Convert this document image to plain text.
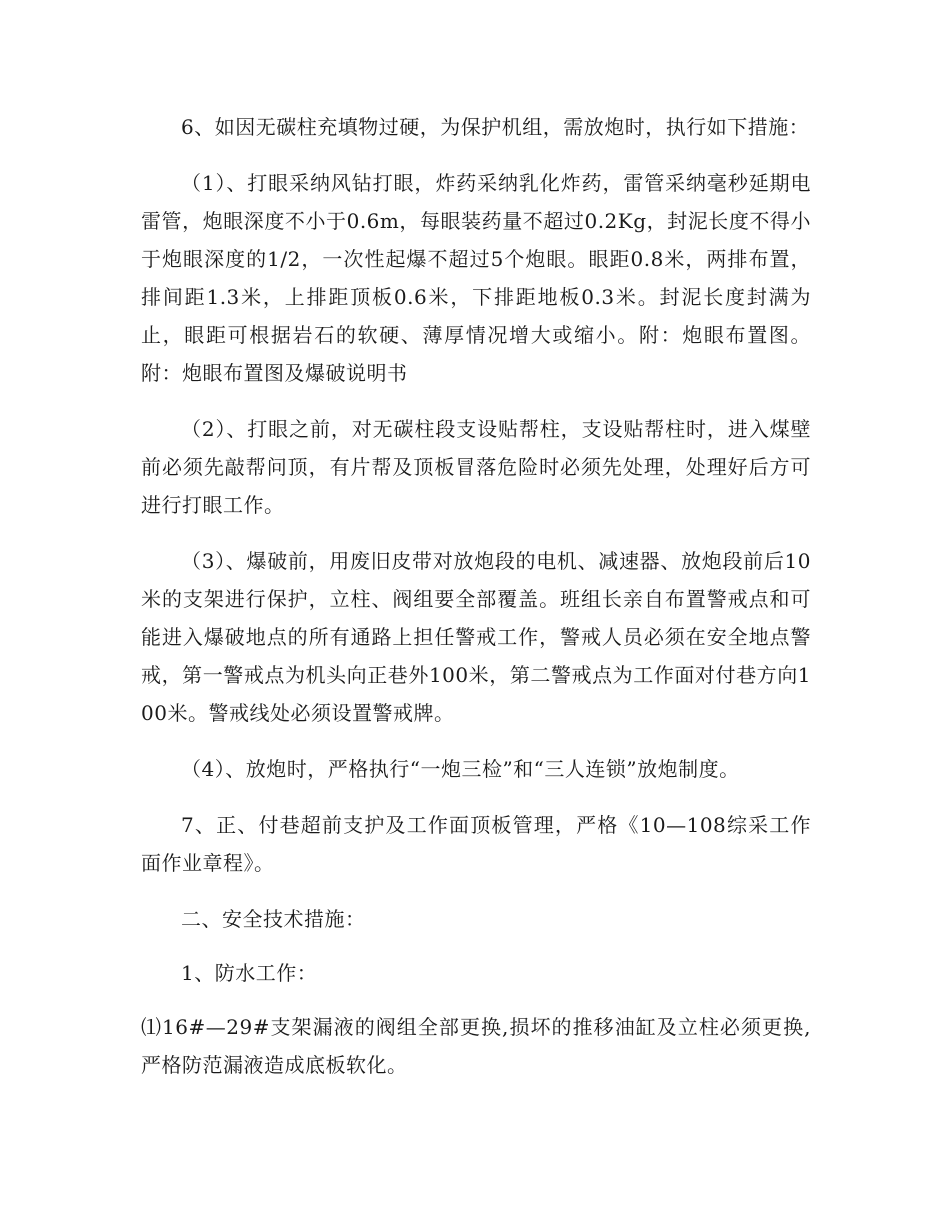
6、如因无碳柱充填物过硬，为保护机组，需放炮时，执行如下措施：

（1）、打眼采纳风钻打眼，炸药采纳乳化炸药，雷管采纳毫秒延期电雷管，炮眼深度不小于0.6m，每眼装药量不超过0.2Kg，封泥长度不得小于炮眼深度的1/2，一次性起爆不超过5个炮眼。眼距0.8米，两排布置，排间距1.3米，上排距顶板0.6米，下排距地板0.3米。封泥长度封满为止，眼距可根据岩石的软硬、薄厚情况增大或缩小。附：炮眼布置图。附：炮眼布置图及爆破说明书

（2）、打眼之前，对无碳柱段支设贴帮柱，支设贴帮柱时，进入煤壁前必须先敲帮问顶，有片帮及顶板冒落危险时必须先处理，处理好后方可进行打眼工作。

（3）、爆破前，用废旧皮带对放炮段的电机、减速器、放炮段前后10米的支架进行保护，立柱、阀组要全部覆盖。班组长亲自布置警戒点和可能进入爆破地点的所有通路上担任警戒工作，警戒人员必须在安全地点警戒，第一警戒点为机头向正巷外100米，第二警戒点为工作面对付巷方向100米。警戒线处必须设置警戒牌。

（4）、放炮时，严格执行“一炮三检”和“三人连锁”放炮制度。

7、正、付巷超前支护及工作面顶板管理，严格《10—108综采工作面作业章程》。

二、安全技术措施：

1、防水工作：

⑴16#—29#支架漏液的阀组全部更换,损坏的推移油缸及立柱必须更换,严格防范漏液造成底板软化。
